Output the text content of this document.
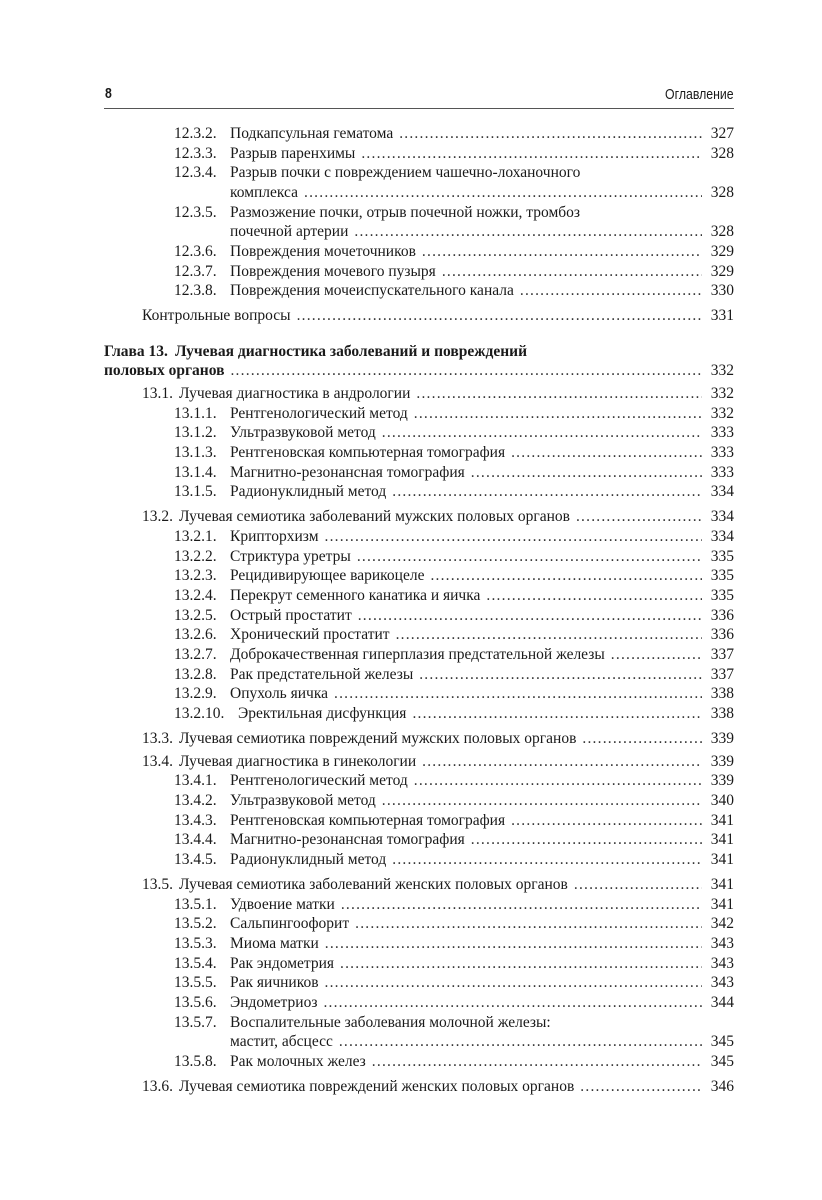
8	Оглавление
12.3.2. Подкапсульная гематома .....	327
12.3.3. Разрыв паренхимы .....	328
12.3.4. Разрыв почки с повреждением чашечно-лоханочного
комплекса .....	328
12.3.5. Размозжение почки, отрыв почечной ножки, тромбоз
почечной артерии .....	328
12.3.6. Повреждения мочеточников .....	329
12.3.7. Повреждения мочевого пузыря .....	329
12.3.8. Повреждения мочеиспускательного канала .....	330
Контрольные вопросы .....	331
Глава 13. Лучевая диагностика заболеваний и повреждений
половых органов .....	332
13.1. Лучевая диагностика в андрологии .....	332
13.1.1. Рентгенологический метод .....	332
13.1.2. Ультразвуковой метод .....	333
13.1.3. Рентгеновская компьютерная томография .....	333
13.1.4. Магнитно-резонансная томография .....	333
13.1.5. Радионуклидный метод .....	334
13.2. Лучевая семиотика заболеваний мужских половых органов .....	334
13.2.1. Крипторхизм .....	334
13.2.2. Стриктура уретры .....	335
13.2.3. Рецидивирующее варикоцеле .....	335
13.2.4. Перекрут семенного канатика и яичка .....	335
13.2.5. Острый простатит .....	336
13.2.6. Хронический простатит .....	336
13.2.7. Доброкачественная гиперплазия предстательной железы .....	337
13.2.8. Рак предстательной железы .....	337
13.2.9. Опухоль яичка .....	338
13.2.10. Эректильная дисфункция .....	338
13.3. Лучевая семиотика повреждений мужских половых органов .....	339
13.4. Лучевая диагностика в гинекологии .....	339
13.4.1. Рентгенологический метод .....	339
13.4.2. Ультразвуковой метод .....	340
13.4.3. Рентгеновская компьютерная томография .....	341
13.4.4. Магнитно-резонансная томография .....	341
13.4.5. Радионуклидный метод .....	341
13.5. Лучевая семиотика заболеваний женских половых органов .....	341
13.5.1. Удвоение матки .....	341
13.5.2. Сальпингоофорит .....	342
13.5.3. Миома матки .....	343
13.5.4. Рак эндометрия .....	343
13.5.5. Рак яичников .....	343
13.5.6. Эндометриоз .....	344
13.5.7. Воспалительные заболевания молочной железы:
мастит, абсцесс .....	345
13.5.8. Рак молочных желез .....	345
13.6. Лучевая семиотика повреждений женских половых органов .....	346
